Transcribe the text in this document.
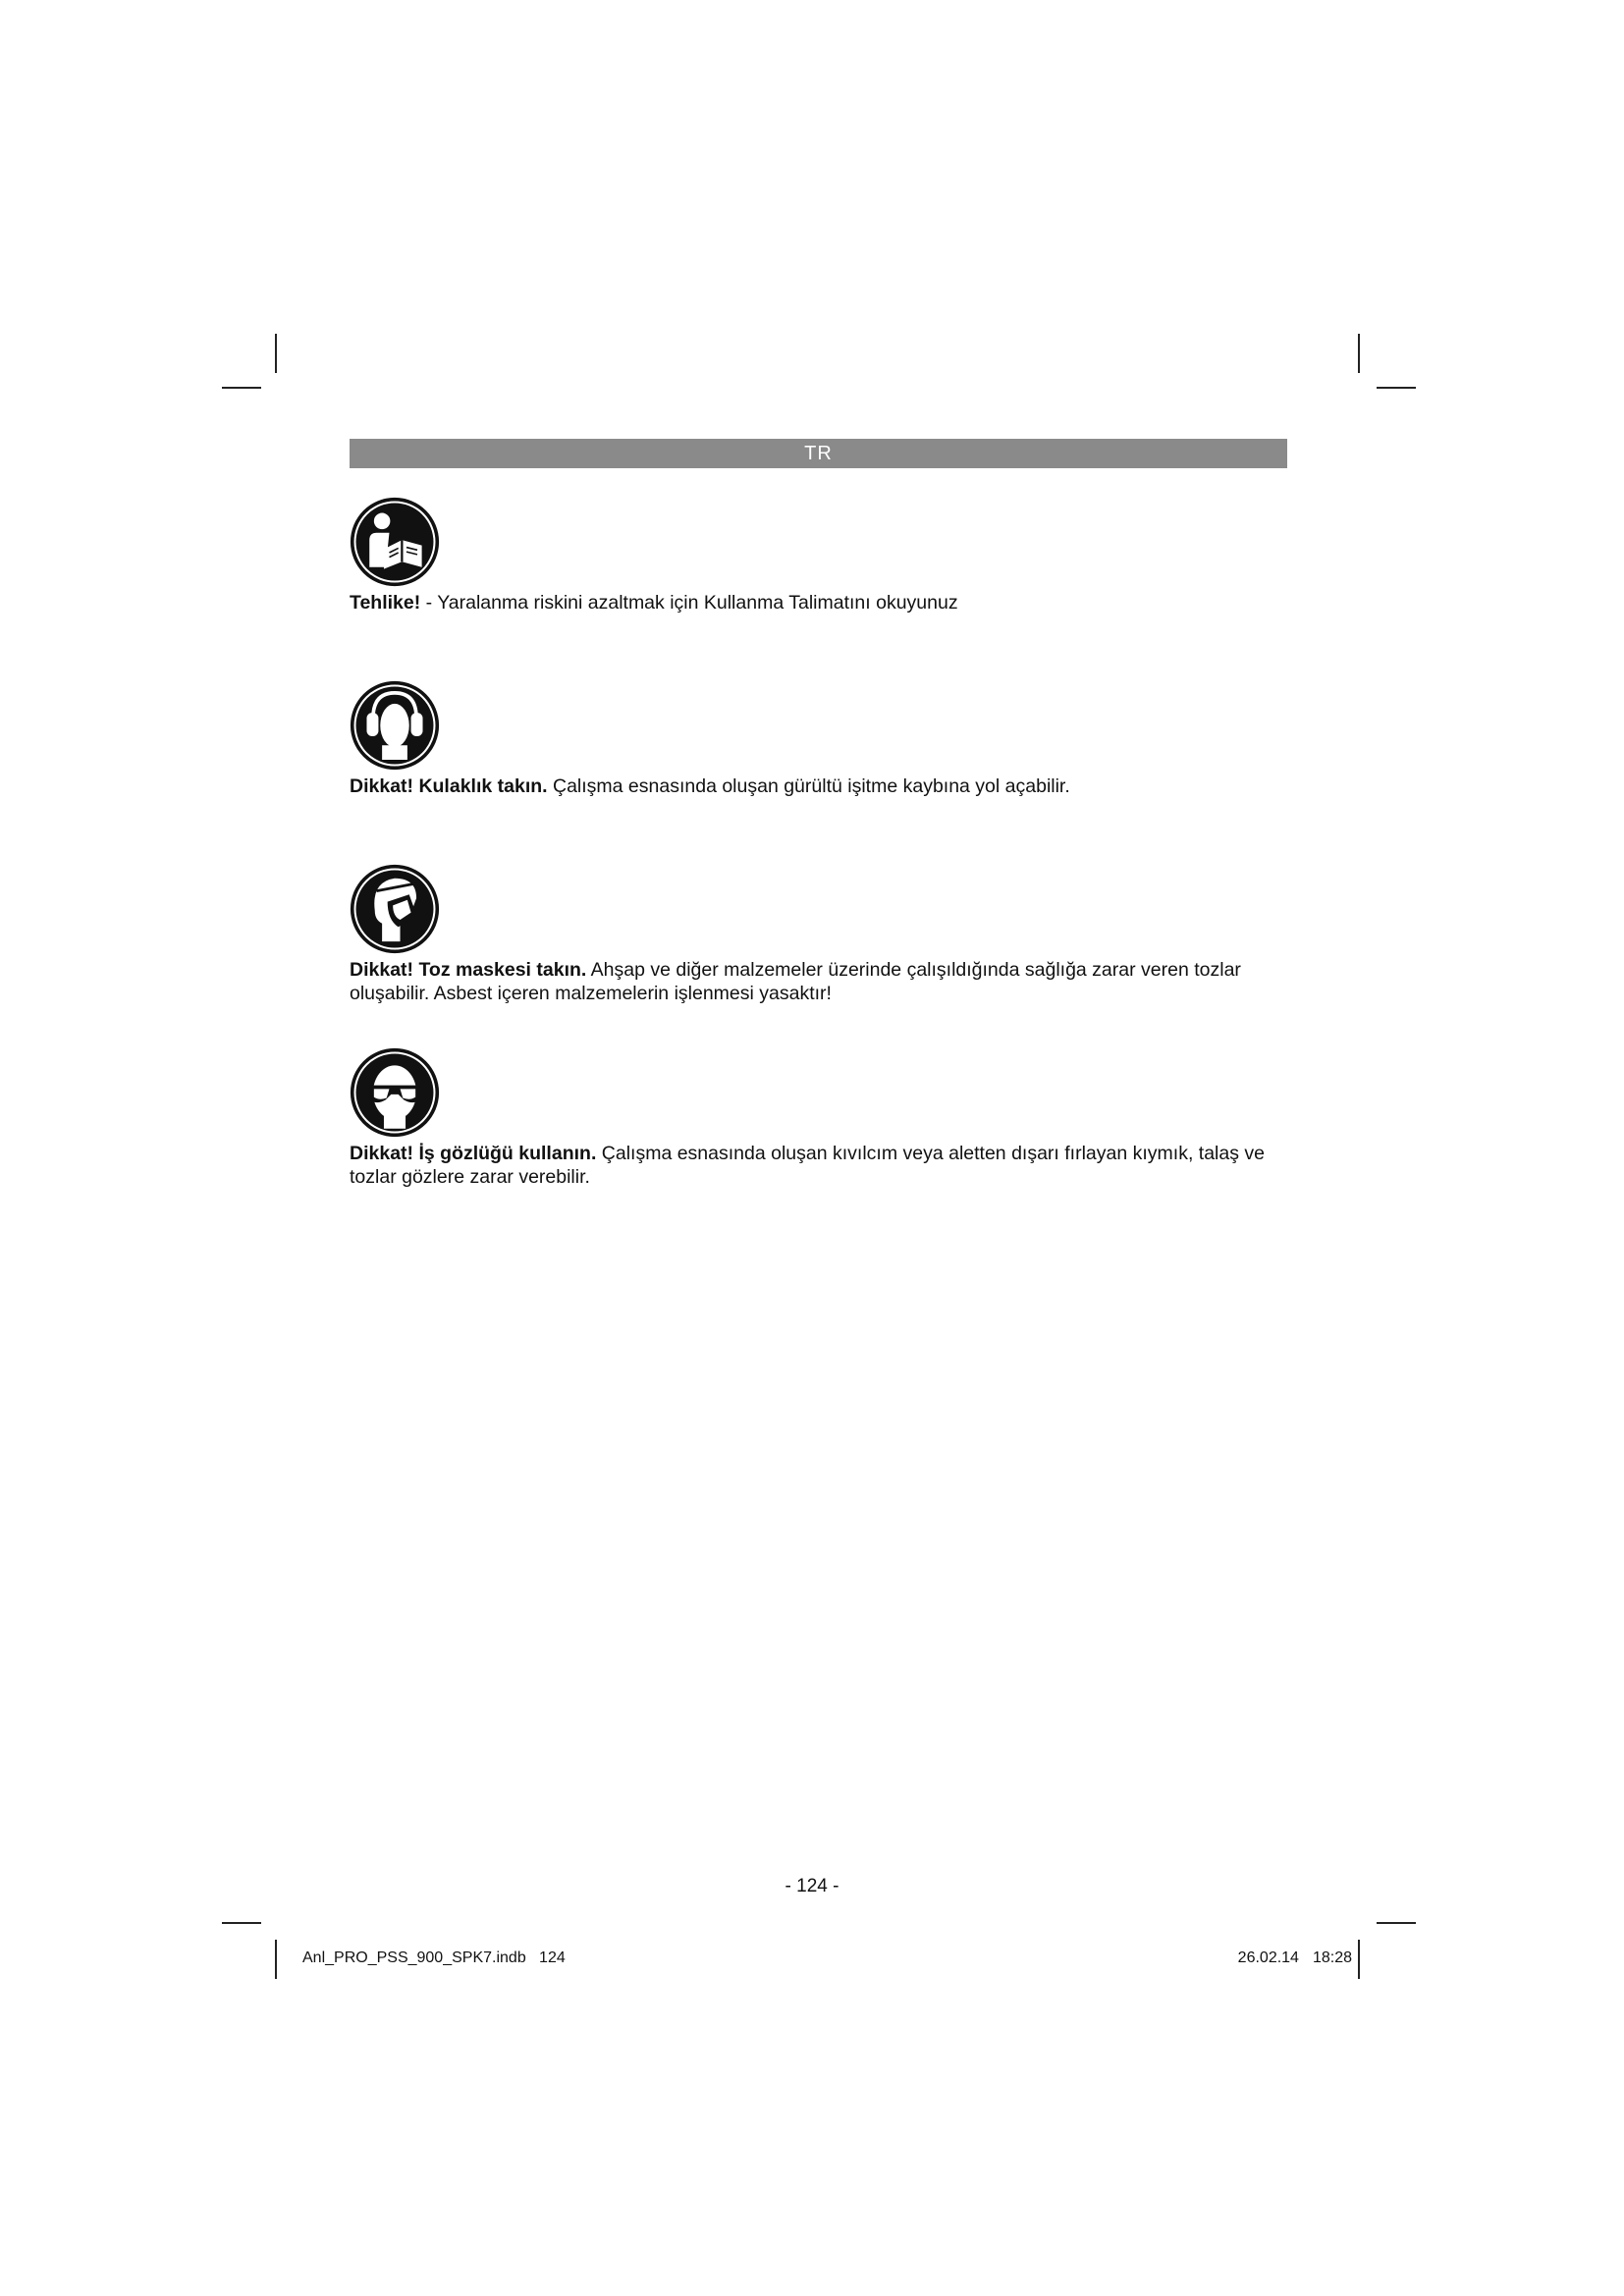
TR
Tehlike! - Yaralanma riskini azaltmak için Kullanma Talimatını okuyunuz
Dikkat! Kulaklık takın. Çalışma esnasında oluşan gürültü işitme kaybına yol açabilir.
Dikkat! Toz maskesi takın. Ahşap ve diğer malzemeler üzerinde çalışıldığında sağlığa zarar veren tozlar oluşabilir. Asbest içeren malzemelerin işlenmesi yasaktır!
Dikkat! İş gözlüğü kullanın. Çalışma esnasında oluşan kıvılcım veya aletten dışarı fırlayan kıymık, talaş ve tozlar gözlere zarar verebilir.
- 124 -
Anl_PRO_PSS_900_SPK7.indb   124	26.02.14 18:28
